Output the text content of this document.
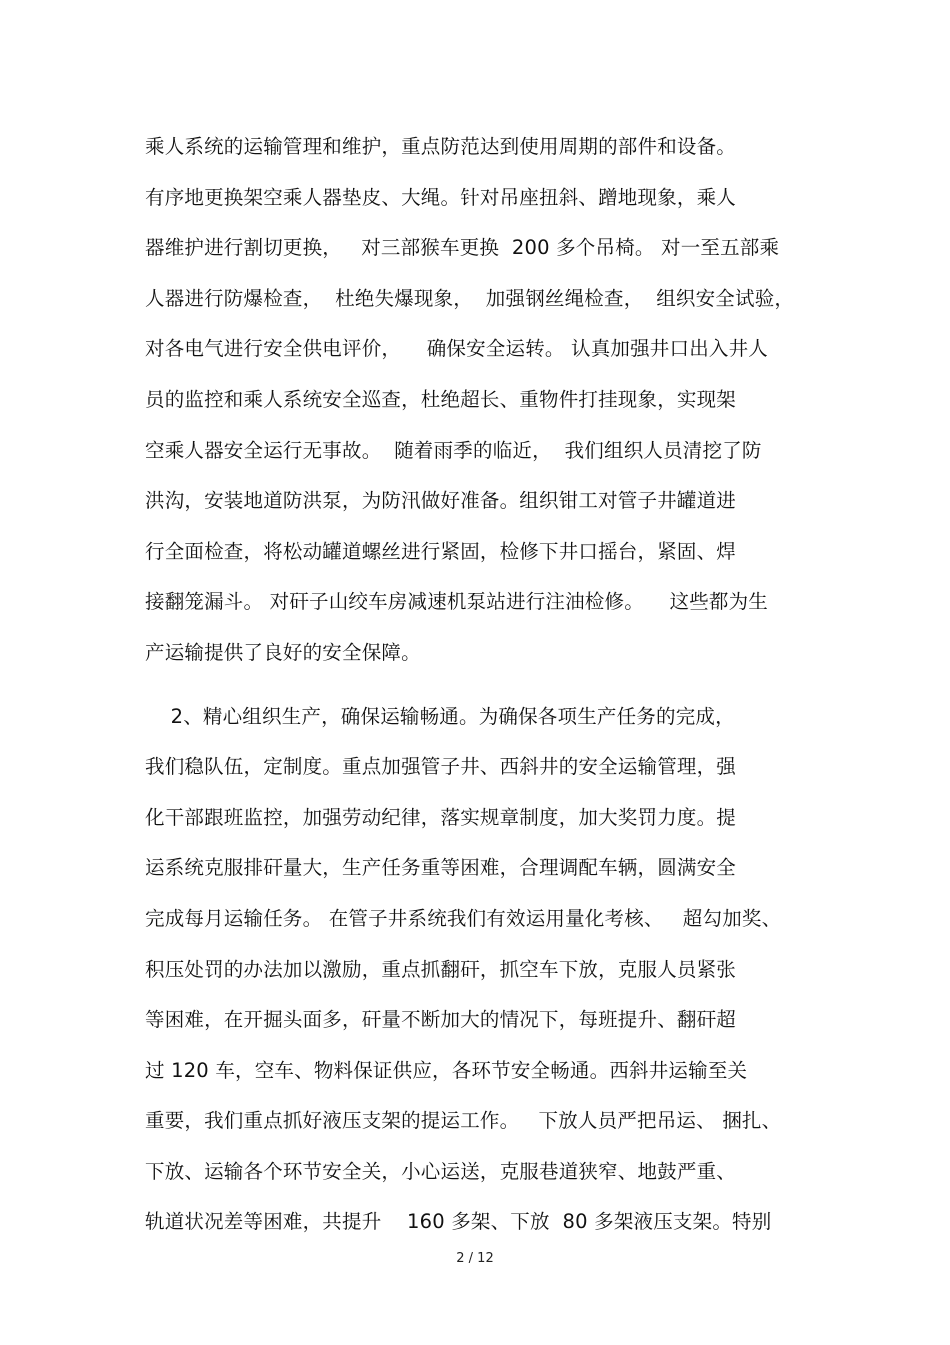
乘人系统的运输管理和维护，重点防范达到使用周期的部件和设备。
有序地更换架空乘人器垫皮、大绳。针对吊座扭斜、蹭地现象，乘人
器维护进行割切更换，   对三部猴车更换  200 多个吊椅。 对一至五部乘
人器进行防爆检查，  杜绝失爆现象，  加强钢丝绳检查，  组织安全试验，
对各电气进行安全供电评价，    确保安全运转。 认真加强井口出入井人
员的监控和乘人系统安全巡查，杜绝超长、重物件打挂现象，实现架
空乘人器安全运行无事故。  随着雨季的临近，  我们组织人员清挖了防
洪沟，安装地道防洪泵，为防汛做好准备。组织钳工对管子井罐道进
行全面检查，将松动罐道螺丝进行紧固，检修下井口摇台，紧固、焊
接翻笼漏斗。 对矸子山绞车房减速机泵站进行注油检修。    这些都为生
产运输提供了良好的安全保障。
2、精心组织生产，确保运输畅通。为确保各项生产任务的完成，
我们稳队伍，定制度。重点加强管子井、西斜井的安全运输管理，强
化干部跟班监控，加强劳动纪律，落实规章制度，加大奖罚力度。提
运系统克服排矸量大，生产任务重等困难，合理调配车辆，圆满安全
完成每月运输任务。 在管子井系统我们有效运用量化考核、   超勾加奖、
积压处罚的办法加以激励，重点抓翻矸，抓空车下放，克服人员紧张
等困难，在开掘头面多，矸量不断加大的情况下，每班提升、翻矸超
过 120 车，空车、物料保证供应，各环节安全畅通。西斜井运输至关
重要，我们重点抓好液压支架的提运工作。   下放人员严把吊运、 捆扎、
下放、运输各个环节安全关，小心运送，克服巷道狭窄、地鼓严重、
轨道状况差等困难，共提升    160 多架、下放  80 多架液压支架。特别
2 / 12
